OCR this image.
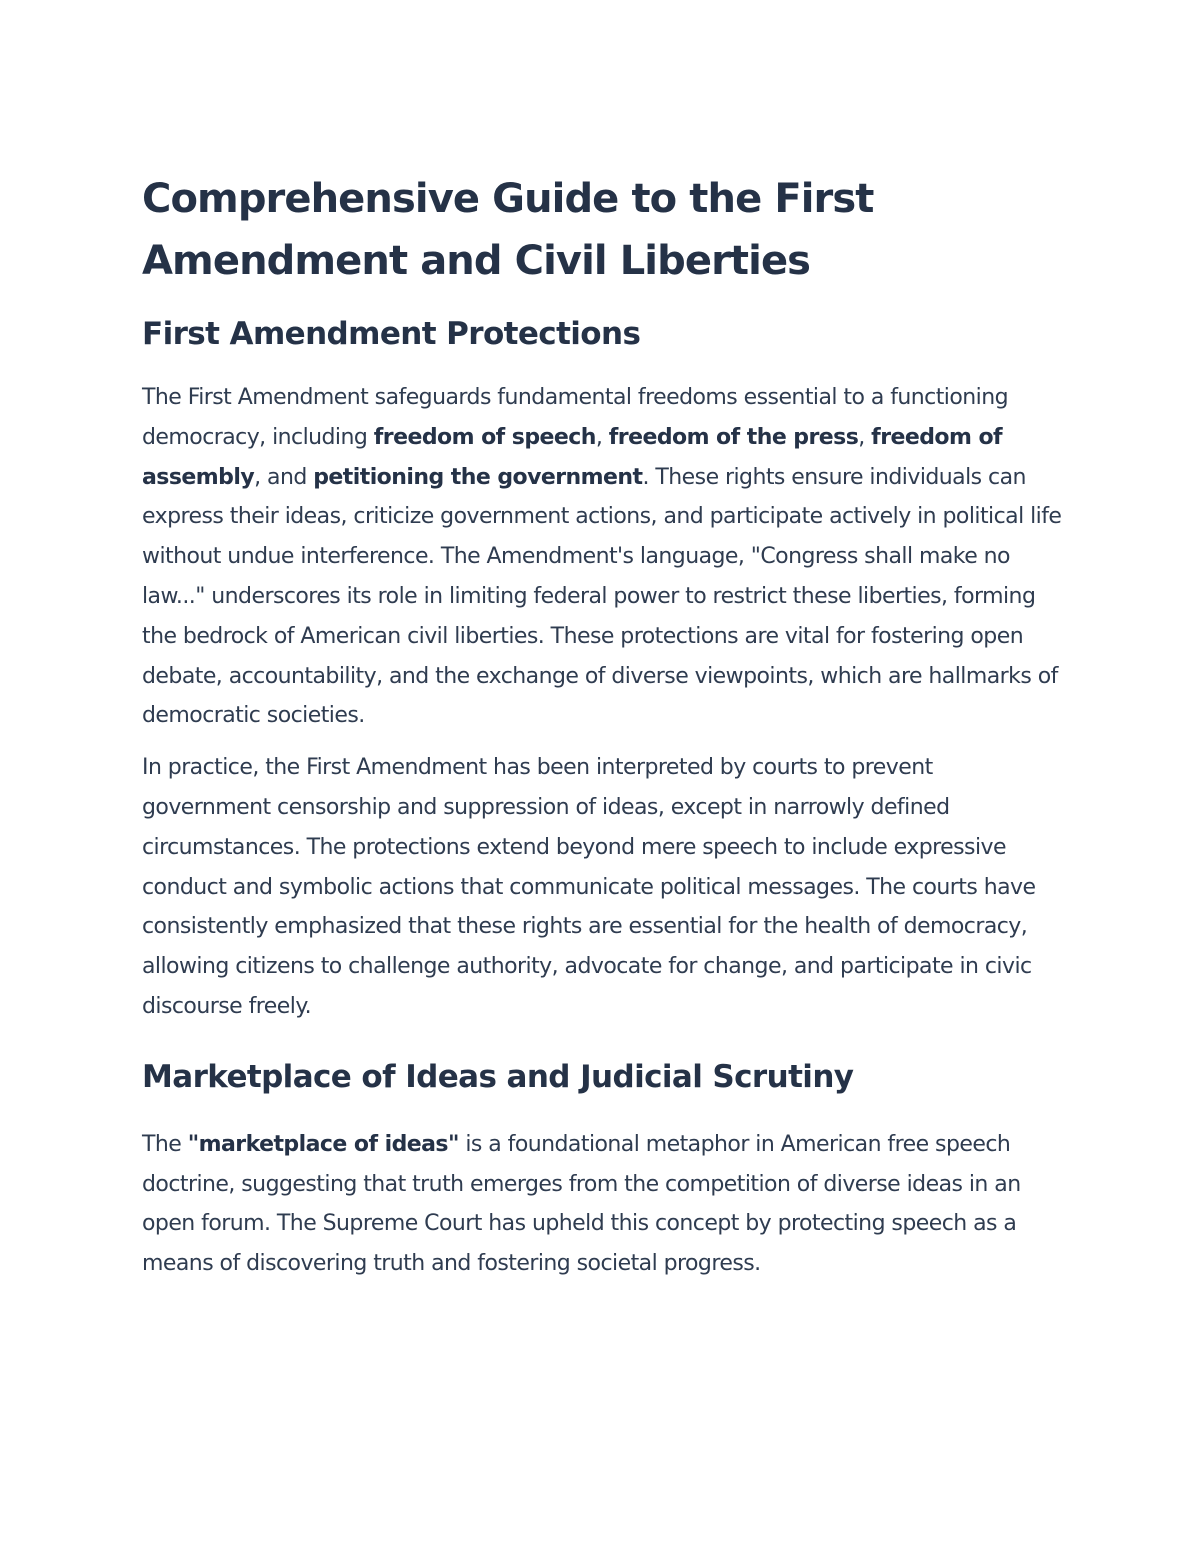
Comprehensive Guide to the First Amendment and Civil Liberties
First Amendment Protections

The First Amendment safeguards fundamental freedoms essential to a functioning democracy, including freedom of speech, freedom of the press, freedom of assembly, and petitioning the government. These rights ensure individuals can express their ideas, criticize government actions, and participate actively in political life without undue interference. The Amendment's language, "Congress shall make no law..." underscores its role in limiting federal power to restrict these liberties, forming the bedrock of American civil liberties. These protections are vital for fostering open debate, accountability, and the exchange of diverse viewpoints, which are hallmarks of democratic societies.

In practice, the First Amendment has been interpreted by courts to prevent government censorship and suppression of ideas, except in narrowly defined circumstances. The protections extend beyond mere speech to include expressive conduct and symbolic actions that communicate political messages. The courts have consistently emphasized that these rights are essential for the health of democracy, allowing citizens to challenge authority, advocate for change, and participate in civic discourse freely.

Marketplace of Ideas and Judicial Scrutiny

The "marketplace of ideas" is a foundational metaphor in American free speech doctrine, suggesting that truth emerges from the competition of diverse ideas in an open forum. The Supreme Court has upheld this concept by protecting speech as a means of discovering truth and fostering societal progress.
